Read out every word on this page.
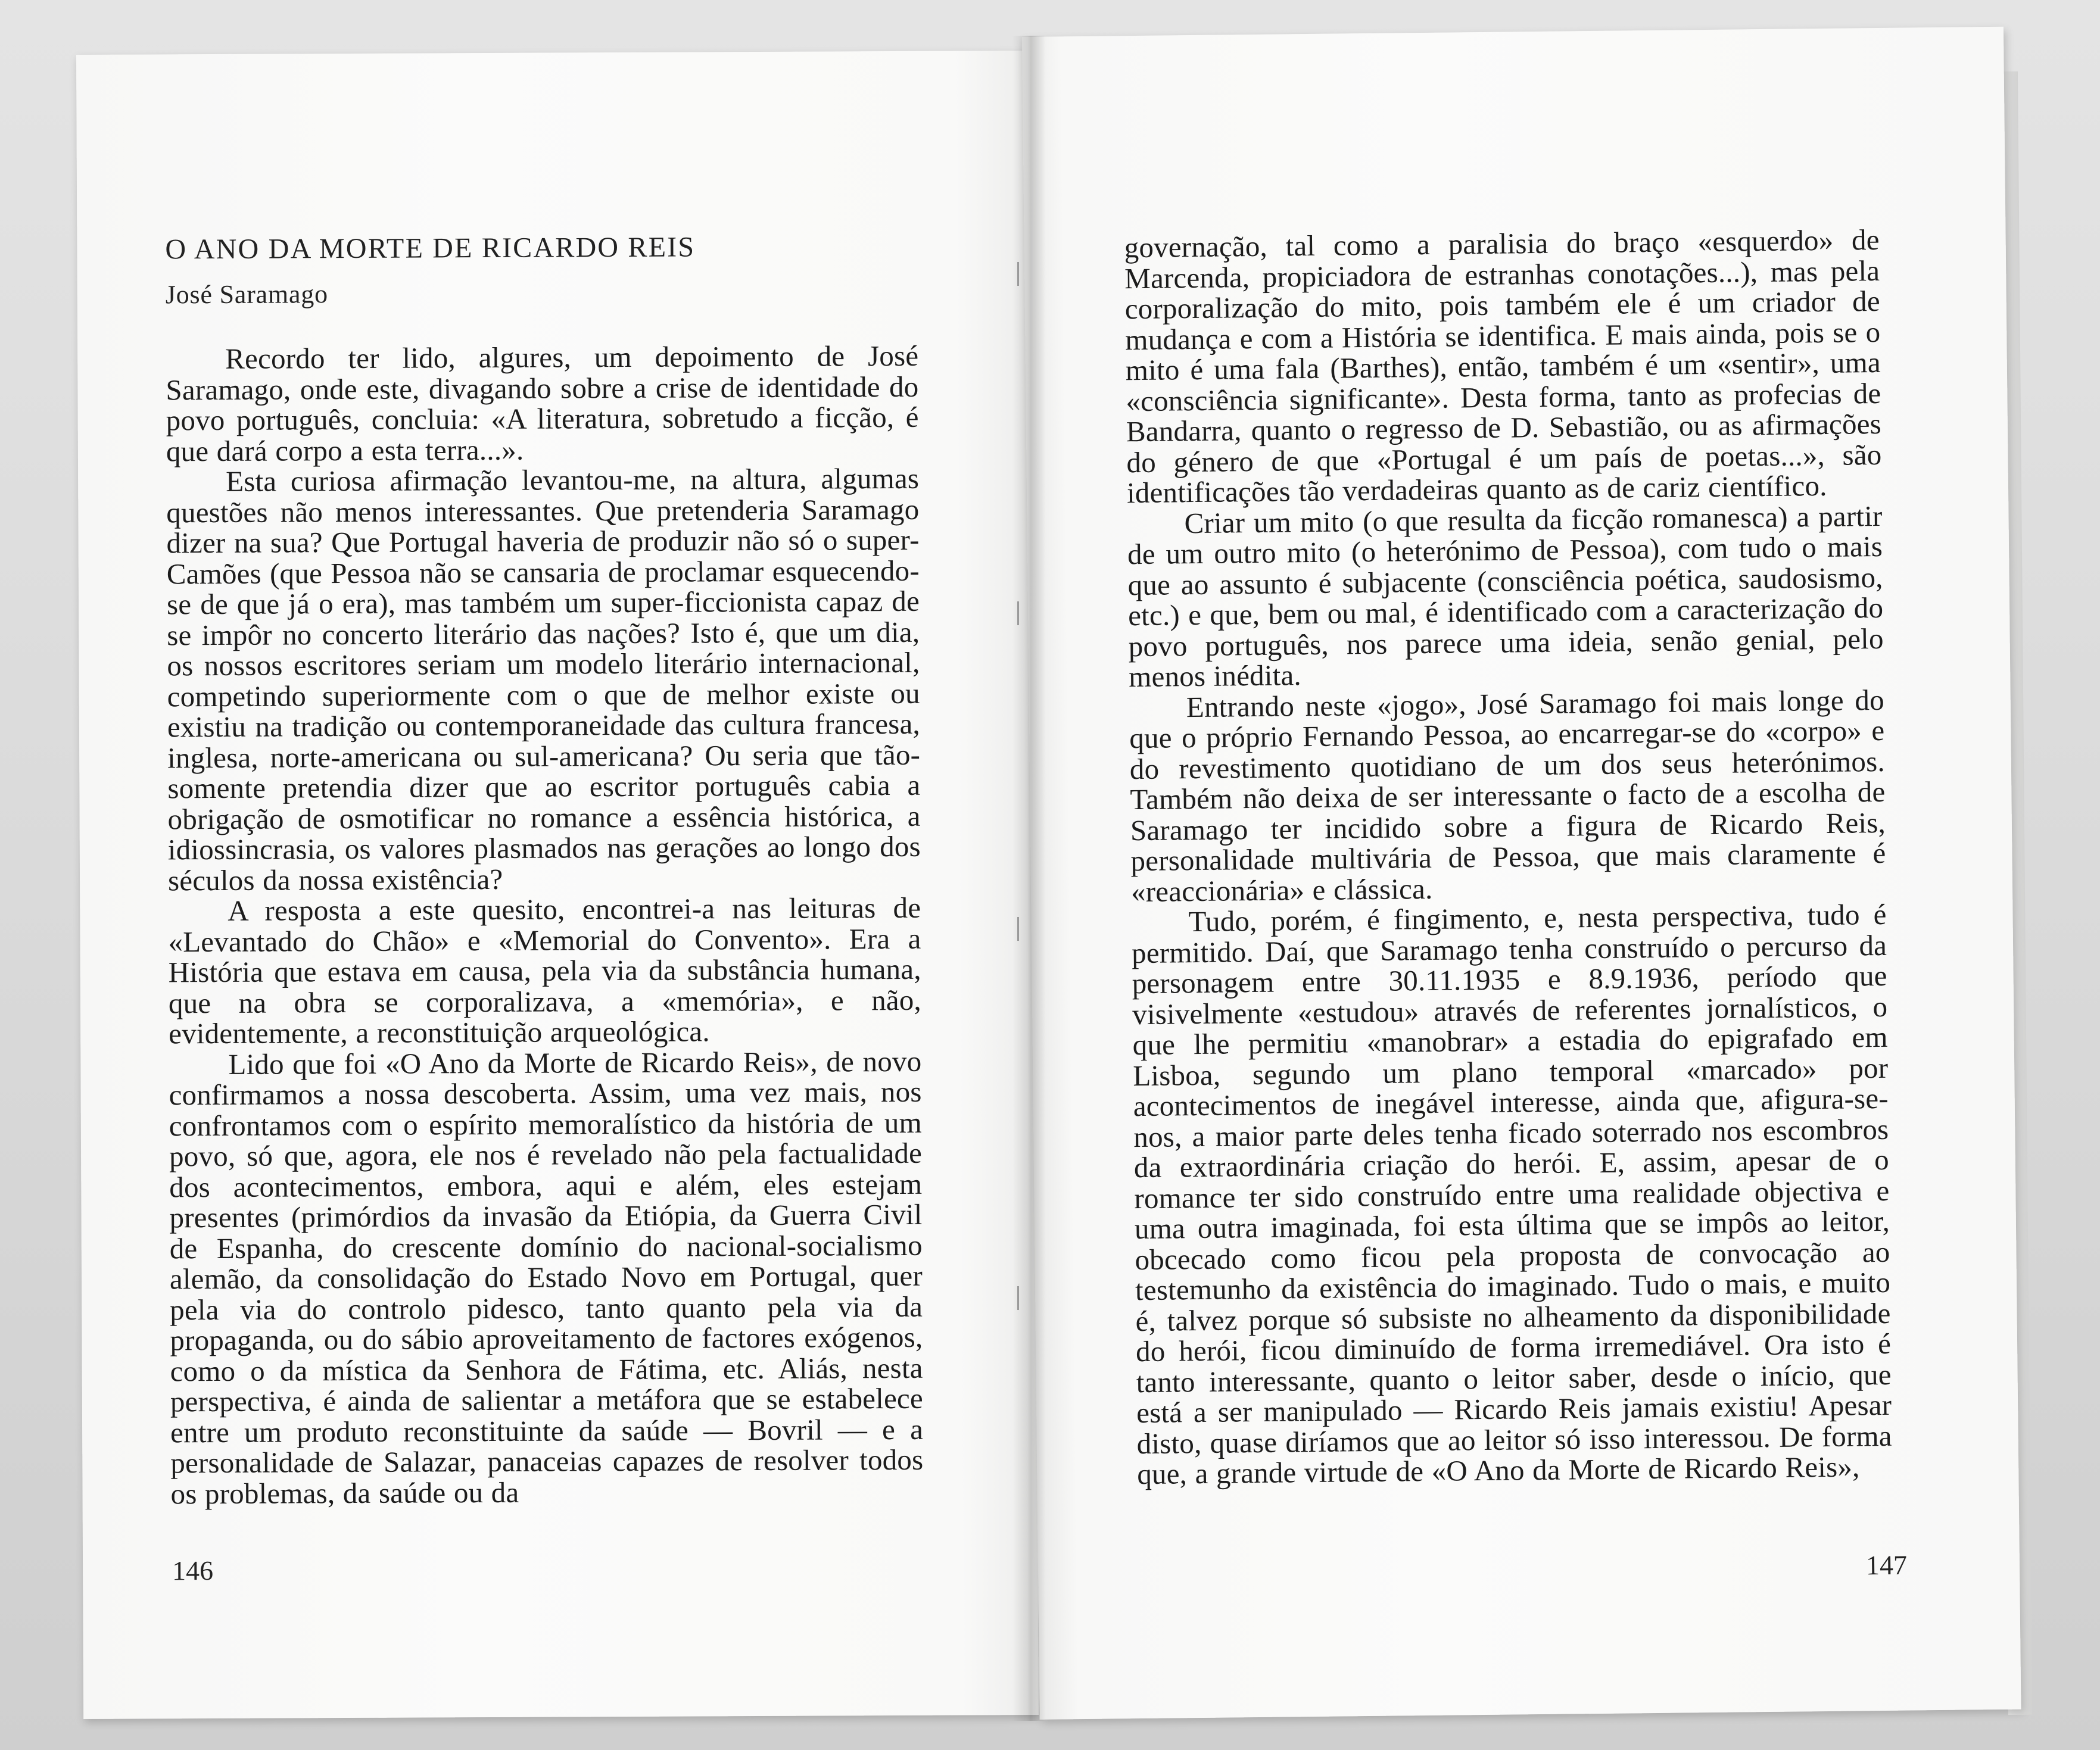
O ANO DA MORTE DE RICARDO REIS
José Saramago

Recordo ter lido, algures, um depoimento de José Saramago, onde este, divagando sobre a crise de identidade do povo português, concluia: «A literatura, sobretudo a ficção, é que dará corpo a esta terra...».

Esta curiosa afirmação levantou-me, na altura, algumas questões não menos interessantes. Que pretenderia Saramago dizer na sua? Que Portugal haveria de produzir não só o super-Camões (que Pessoa não se cansaria de proclamar esquecendo-se de que já o era), mas também um super-ficcionista capaz de se impôr no concerto literário das nações? Isto é, que um dia, os nossos escritores seriam um modelo literário internacional, competindo superiormente com o que de melhor existe ou existiu na tradição ou contemporaneidade das cultura francesa, inglesa, norte-americana ou sul-americana? Ou seria que tão-somente pretendia dizer que ao escritor português cabia a obrigação de osmotificar no romance a essência histórica, a idiossincrasia, os valores plasmados nas gerações ao longo dos séculos da nossa existência?

A resposta a este quesito, encontrei-a nas leituras de «Levantado do Chão» e «Memorial do Convento». Era a História que estava em causa, pela via da substância humana, que na obra se corporalizava, a «memória», e não, evidentemente, a reconstituição arqueológica.

Lido que foi «O Ano da Morte de Ricardo Reis», de novo confirmamos a nossa descoberta. Assim, uma vez mais, nos confrontamos com o espírito memoralístico da história de um povo, só que, agora, ele nos é revelado não pela factualidade dos acontecimentos, embora, aqui e além, eles estejam presentes (primórdios da invasão da Etiópia, da Guerra Civil de Espanha, do crescente domínio do nacional-socialismo alemão, da consolidação do Estado Novo em Portugal, quer pela via do controlo pidesco, tanto quanto pela via da propaganda, ou do sábio aproveitamento de factores exógenos, como o da mística da Senhora de Fátima, etc. Aliás, nesta perspectiva, é ainda de salientar a metáfora que se estabelece entre um produto reconstituinte da saúde — Bovril — e a personalidade de Salazar, panaceias capazes de resolver todos os problemas, da saúde ou da

146

governação, tal como a paralisia do braço «esquerdo» de Marcenda, propiciadora de estranhas conotações...), mas pela corporalização do mito, pois também ele é um criador de mudança e com a História se identifica. E mais ainda, pois se o mito é uma fala (Barthes), então, também é um «sentir», uma «consciência significante». Desta forma, tanto as profecias de Bandarra, quanto o regresso de D. Sebastião, ou as afirmações do género de que «Portugal é um país de poetas...», são identificações tão verdadeiras quanto as de cariz científico.

Criar um mito (o que resulta da ficção romanesca) a partir de um outro mito (o heterónimo de Pessoa), com tudo o mais que ao assunto é subjacente (consciência poética, saudosismo, etc.) e que, bem ou mal, é identificado com a caracterização do povo português, nos parece uma ideia, senão genial, pelo menos inédita.

Entrando neste «jogo», José Saramago foi mais longe do que o próprio Fernando Pessoa, ao encarregar-se do «corpo» e do revestimento quotidiano de um dos seus heterónimos. Também não deixa de ser interessante o facto de a escolha de Saramago ter incidido sobre a figura de Ricardo Reis, personalidade multivária de Pessoa, que mais claramente é «reaccionária» e clássica.

Tudo, porém, é fingimento, e, nesta perspectiva, tudo é permitido. Daí, que Saramago tenha construído o percurso da personagem entre 30.11.1935 e 8.9.1936, período que visivelmente «estudou» através de referentes jornalísticos, o que lhe permitiu «manobrar» a estadia do epigrafado em Lisboa, segundo um plano temporal «marcado» por acontecimentos de inegável interesse, ainda que, afigura-se-nos, a maior parte deles tenha ficado soterrado nos escombros da extraordinária criação do herói. E, assim, apesar de o romance ter sido construído entre uma realidade objectiva e uma outra imaginada, foi esta última que se impôs ao leitor, obcecado como ficou pela proposta de convocação ao testemunho da existência do imaginado. Tudo o mais, e muito é, talvez porque só subsiste no alheamento da disponibilidade do herói, ficou diminuído de forma irremediável. Ora isto é tanto interessante, quanto o leitor saber, desde o início, que está a ser manipulado — Ricardo Reis jamais existiu! Apesar disto, quase diríamos que ao leitor só isso interessou. De forma que, a grande virtude de «O Ano da Morte de Ricardo Reis»,

147
